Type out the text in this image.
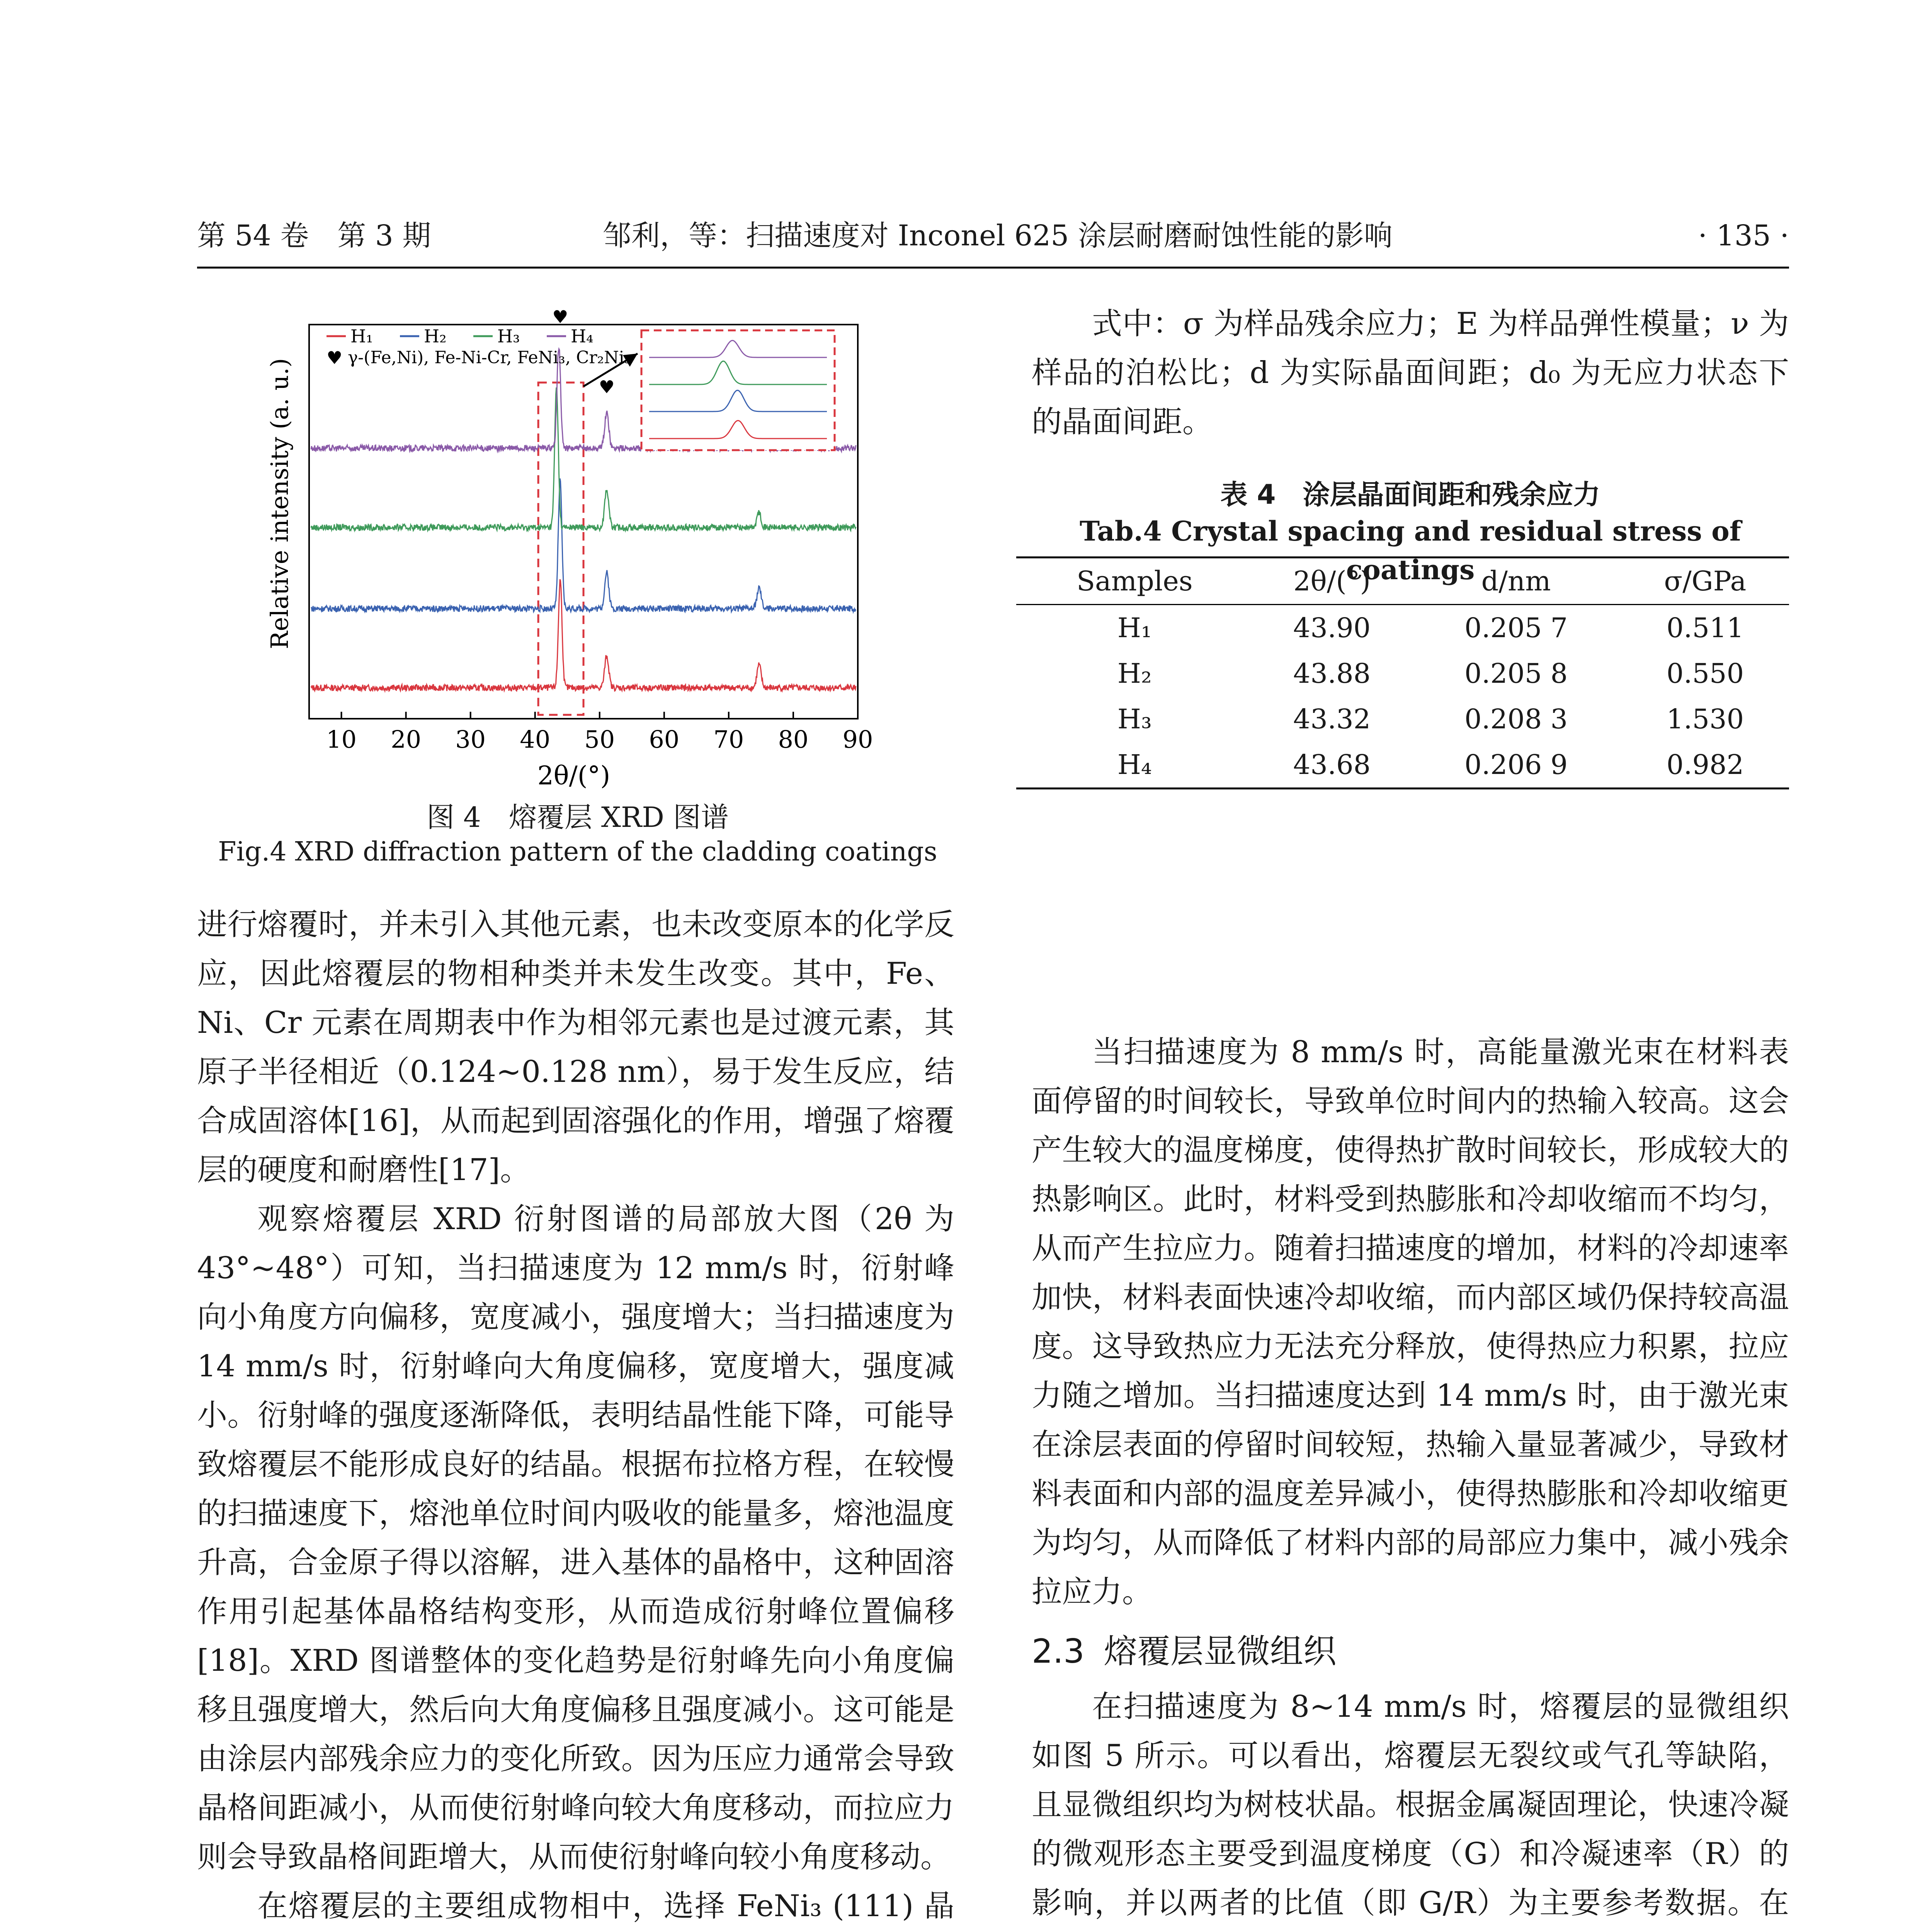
第 54 卷　第 3 期	邹利，等：扫描速度对 Inconel 625 涂层耐磨耐蚀性能的影响	· 135 ·
10 20 30 40 50 60 70 80 90
♥
♥
Relative intensity (a. u.)
2θ/(°)
γ-(Fe,Ni), Fe-Ni-Cr, FeNi₃, Cr₂Ni₃
♥
H₁	H₂	H₃	H₄
图 4　熔覆层 XRD 图谱
Fig.4 XRD diffraction pattern of the cladding coatings

进行熔覆时，并未引入其他元素，也未改变原本的化学反应，因此熔覆层的物相种类并未发生改变。其中，Fe、Ni、Cr 元素在周期表中作为相邻元素也是过渡元素，其原子半径相近（0.124~0.128 nm），易于发生反应，结合成固溶体[16]，从而起到固溶强化的作用，增强了熔覆层的硬度和耐磨性[17]。

观察熔覆层 XRD 衍射图谱的局部放大图（2θ 为 43°~48°）可知，当扫描速度为 12 mm/s 时，衍射峰向小角度方向偏移，宽度减小，强度增大；当扫描速度为 14 mm/s 时，衍射峰向大角度偏移，宽度增大，强度减小。衍射峰的强度逐渐降低，表明结晶性能下降，可能导致熔覆层不能形成良好的结晶。根据布拉格方程，在较慢的扫描速度下，熔池单位时间内吸收的能量多，熔池温度升高，合金原子得以溶解，进入基体的晶格中，这种固溶作用引起基体晶格结构变形，从而造成衍射峰位置偏移[18]。XRD 图谱整体的变化趋势是衍射峰先向小角度偏移且强度增大，然后向大角度偏移且强度减小。这可能是由涂层内部残余应力的变化所致。因为压应力通常会导致晶格间距减小，从而使衍射峰向较大角度移动，而拉应力则会导致晶格间距增大，从而使衍射峰向较小角度移动。

在熔覆层的主要组成物相中，选择 FeNi₃ (111) 晶

式中：σ 为样品残余应力；E 为样品弹性模量；ν 为样品的泊松比；d 为实际晶面间距；d₀ 为无应力状态下的晶面间距。

表 4　涂层晶面间距和残余应力
Tab.4 Crystal spacing and residual stress of coatings
Samples	2θ/(°)	d/nm	σ/GPa
H₁	43.90	0.205 7	0.511
H₂	43.88	0.205 8	0.550
H₃	43.32	0.208 3	1.530
H₄	43.68	0.206 9	0.982

当扫描速度为 8 mm/s 时，高能量激光束在材料表面停留的时间较长，导致单位时间内的热输入较高。这会产生较大的温度梯度，使得热扩散时间较长，形成较大的热影响区。此时，材料受到热膨胀和冷却收缩而不均匀，从而产生拉应力。随着扫描速度的增加，材料的冷却速率加快，材料表面快速冷却收缩，而内部区域仍保持较高温度。这导致热应力无法充分释放，使得热应力积累，拉应力随之增加。当扫描速度达到 14 mm/s 时，由于激光束在涂层表面的停留时间较短，热输入量显著减少，导致材料表面和内部的温度差异减小，使得热膨胀和冷却收缩更为均匀，从而降低了材料内部的局部应力集中，减小残余拉应力。

2.3 熔覆层显微组织

在扫描速度为 8~14 mm/s 时，熔覆层的显微组织如图 5 所示。可以看出，熔覆层无裂纹或气孔等缺陷，且显微组织均为树枝状晶。根据金属凝固理论，快速冷凝的微观形态主要受到温度梯度（G）和冷凝速率（R）的影响，并以两者的比值（即 G/R）为主要参考数据。在
